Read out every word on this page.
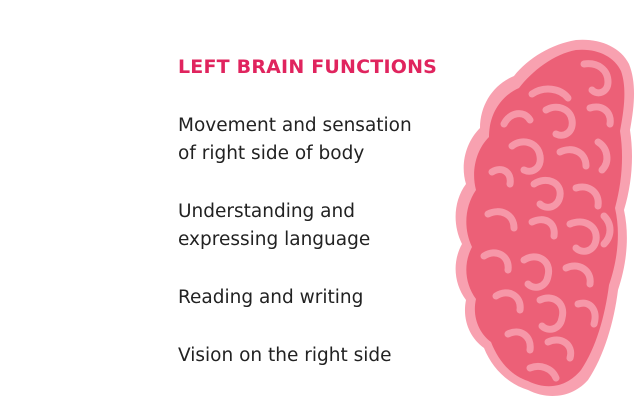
LEFT BRAIN FUNCTIONS
Movement and sensation
of right side of body
Understanding and
expressing language
Reading and writing
Vision on the right side
